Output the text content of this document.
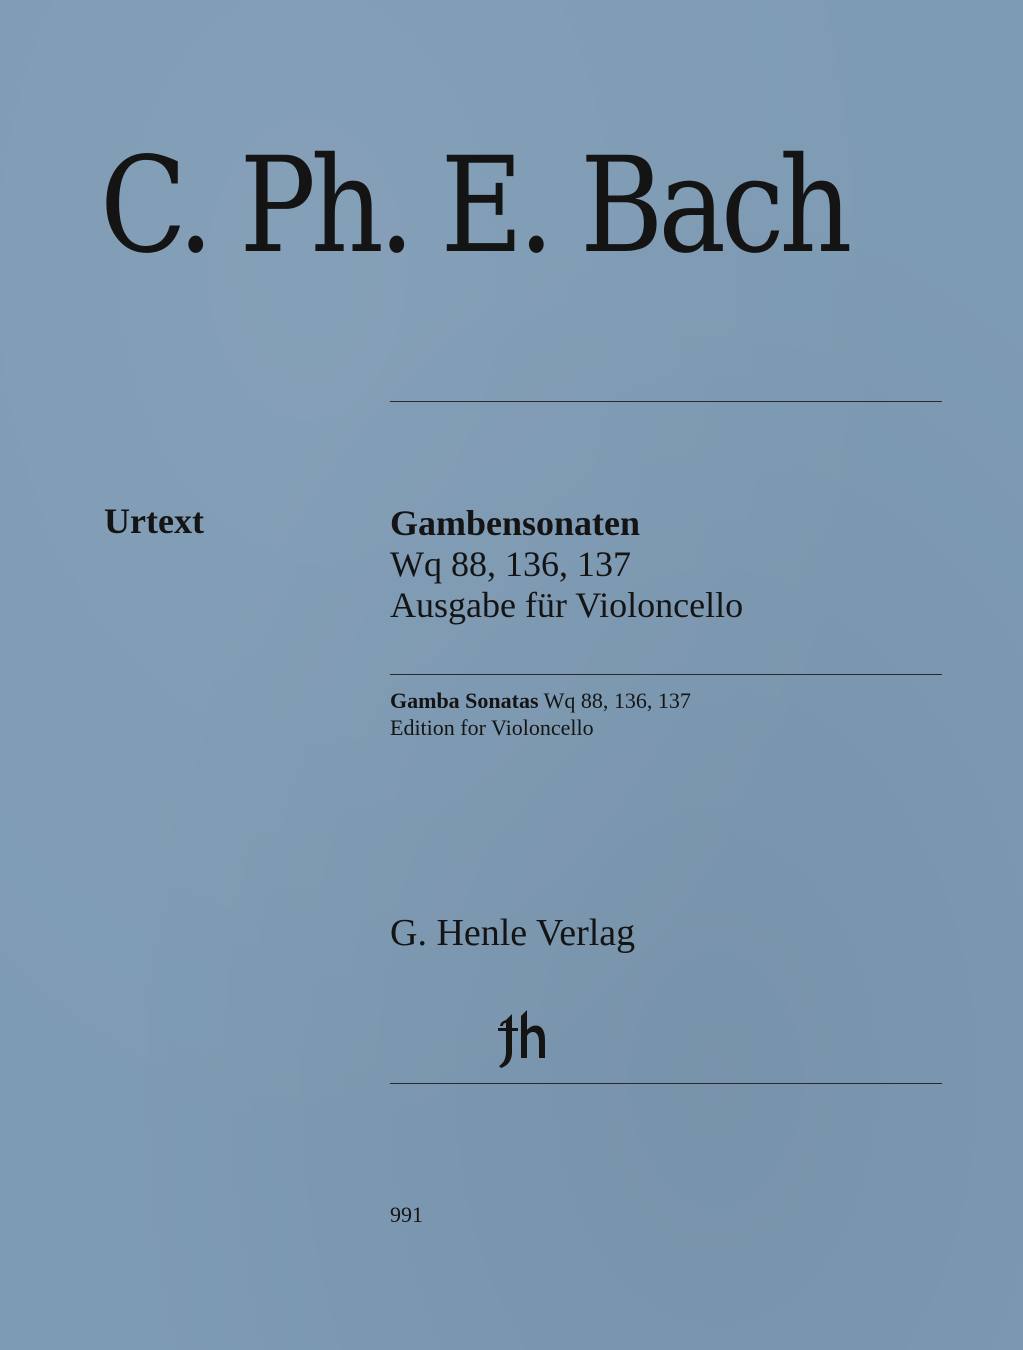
C. Ph. E. Bach
Urtext	Gambensonaten
Wq 88, 136, 137
Ausgabe für Violoncello
Gamba Sonatas Wq 88, 136, 137
Edition for Violoncello
G. Henle Verlag
991
